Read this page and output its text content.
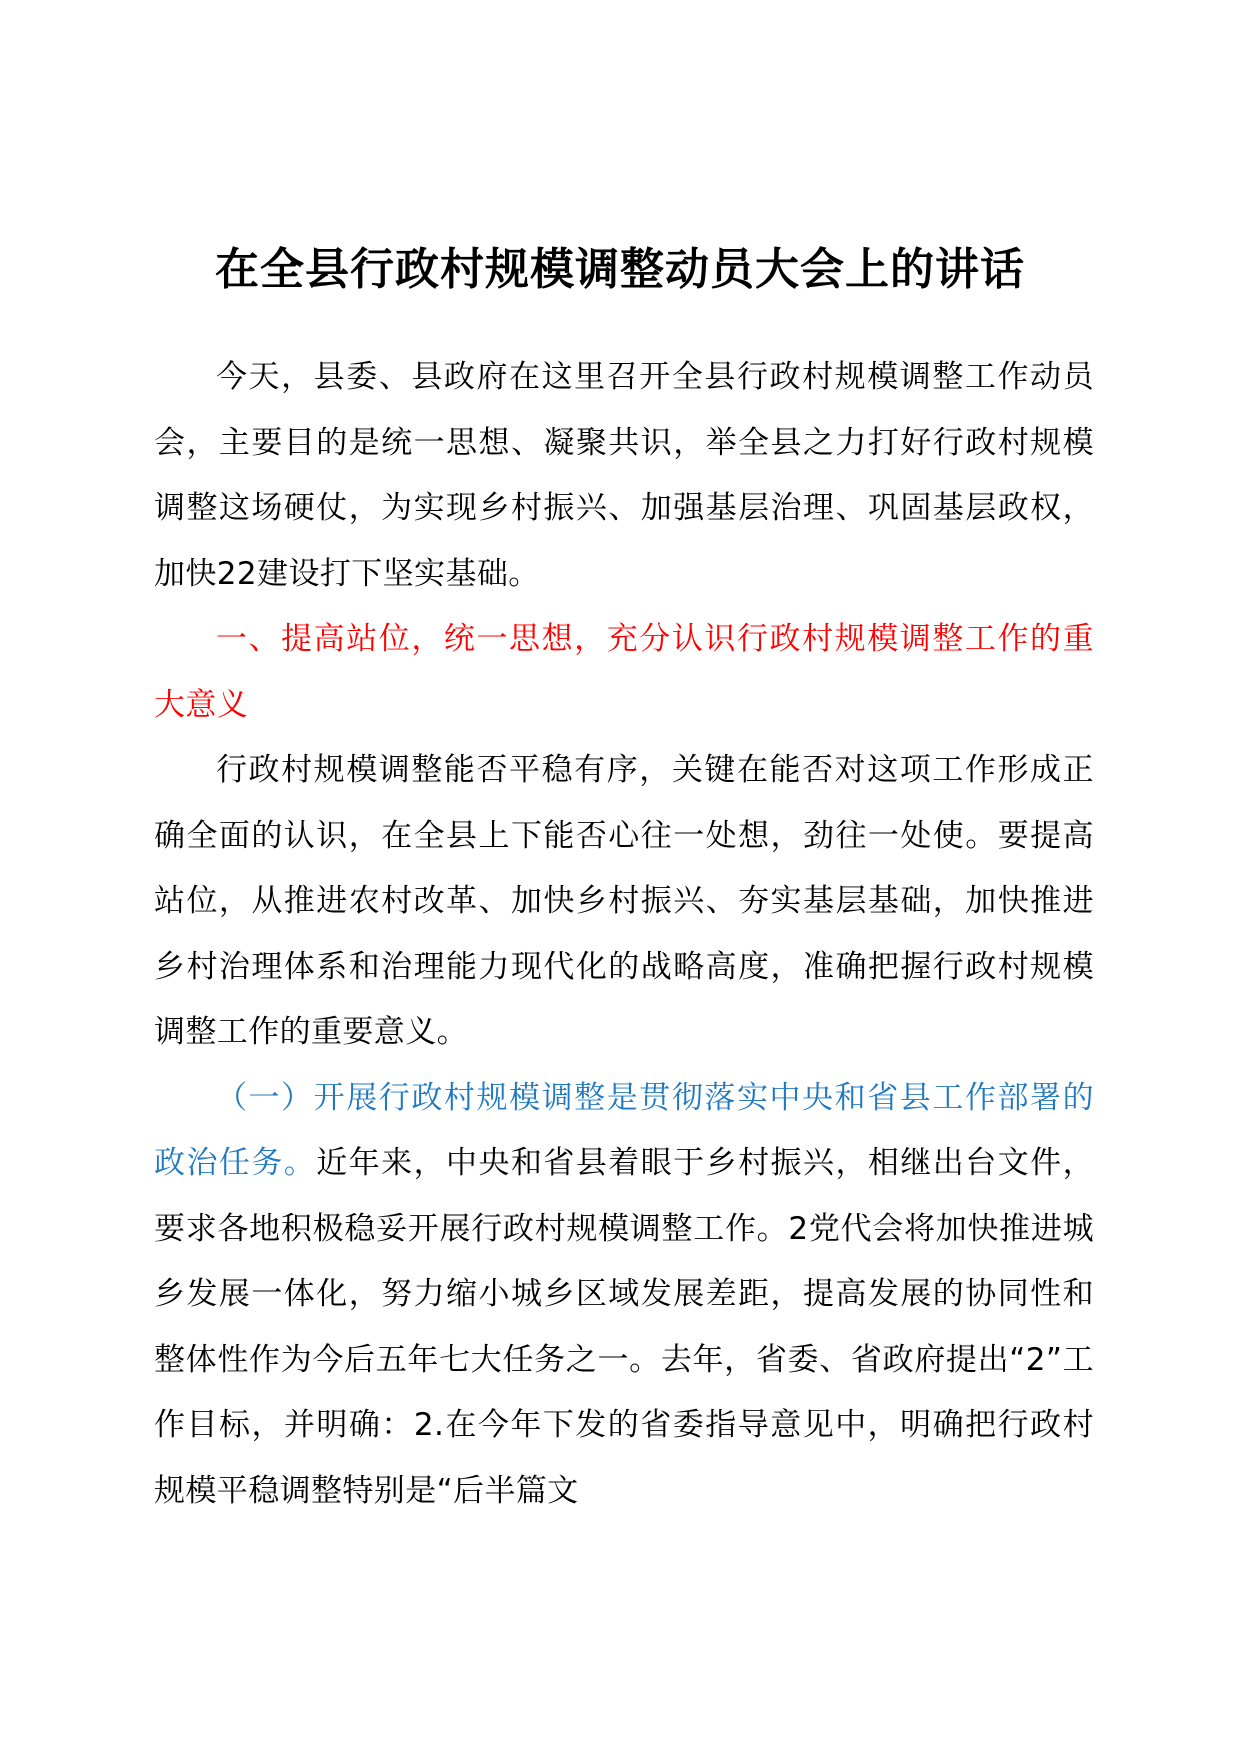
在全县行政村规模调整动员大会上的讲话

今天，县委、县政府在这里召开全县行政村规模调整工作动员会，主要目的是统一思想、凝聚共识，举全县之力打好行政村规模调整这场硬仗，为实现乡村振兴、加强基层治理、巩固基层政权，加快22建设打下坚实基础。

一、提高站位，统一思想，充分认识行政村规模调整工作的重大意义

行政村规模调整能否平稳有序，关键在能否对这项工作形成正确全面的认识，在全县上下能否心往一处想，劲往一处使。要提高站位，从推进农村改革、加快乡村振兴、夯实基层基础，加快推进乡村治理体系和治理能力现代化的战略高度，准确把握行政村规模调整工作的重要意义。

（一）开展行政村规模调整是贯彻落实中央和省县工作部署的政治任务。近年来，中央和省县着眼于乡村振兴，相继出台文件，要求各地积极稳妥开展行政村规模调整工作。2党代会将加快推进城乡发展一体化，努力缩小城乡区域发展差距，提高发展的协同性和整体性作为今后五年七大任务之一。去年，省委、省政府提出“2”工作目标，并明确：2.在今年下发的省委指导意见中，明确把行政村规模平稳调整特别是“后半篇文
